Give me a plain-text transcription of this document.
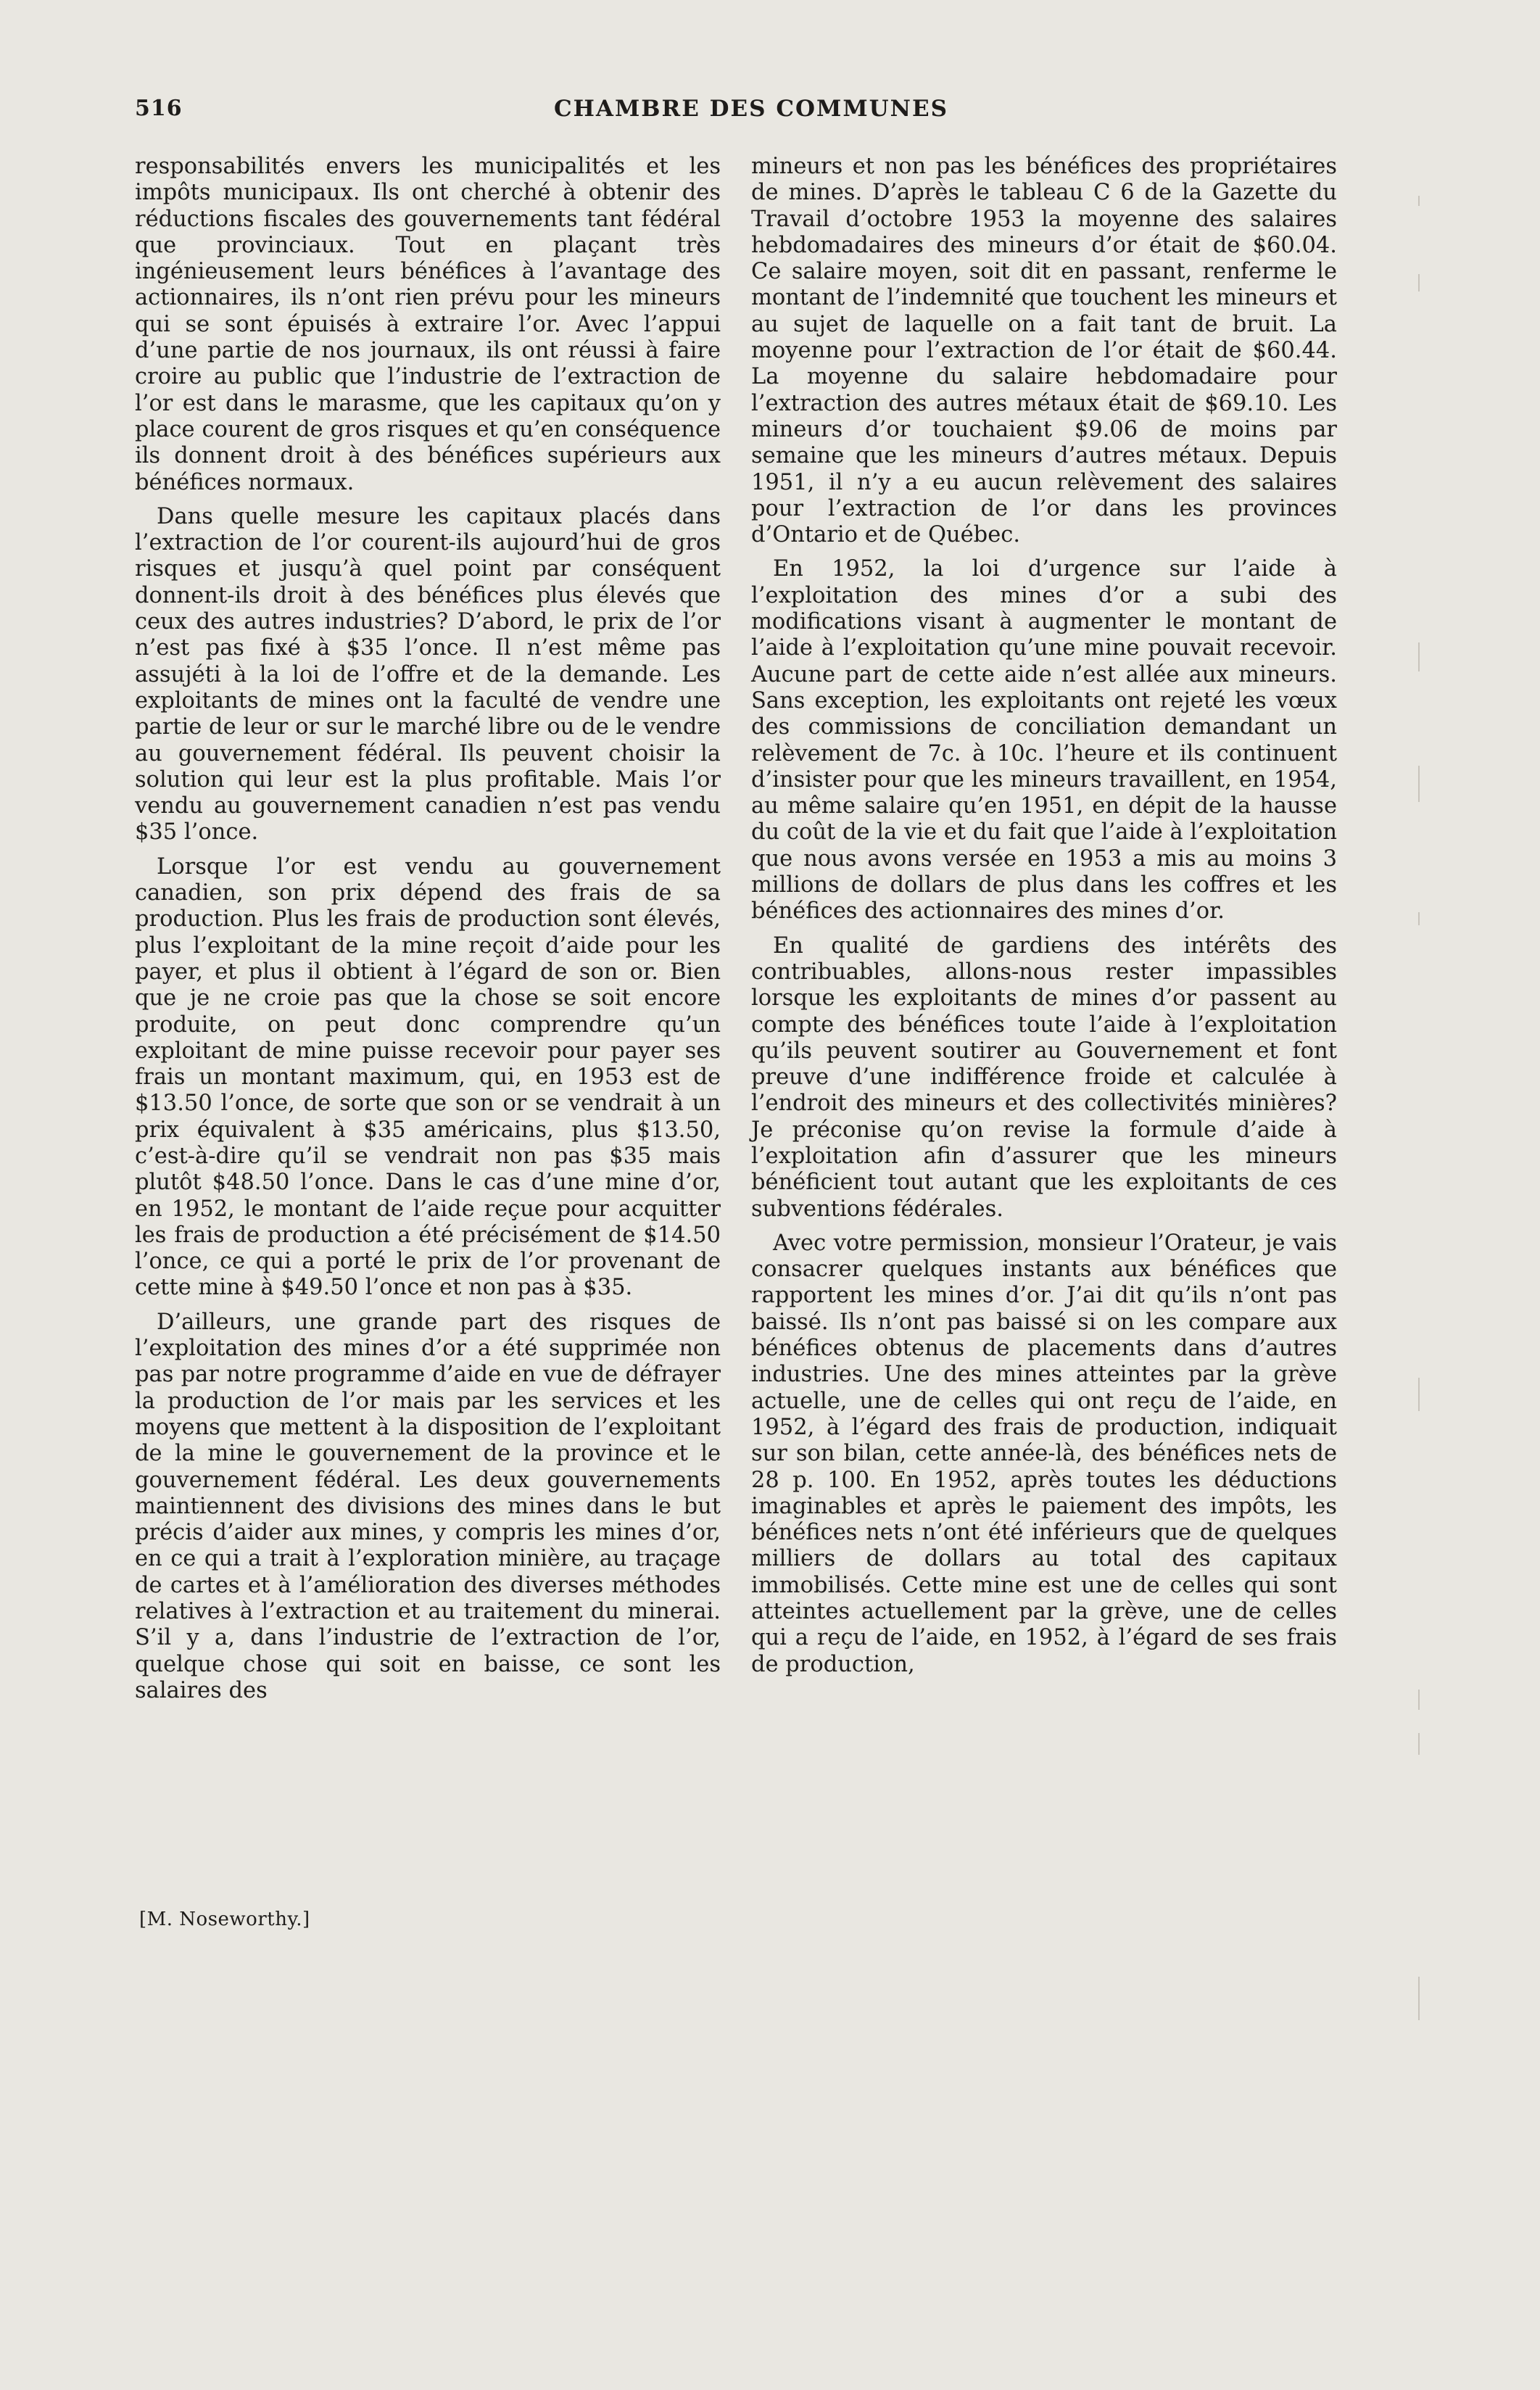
516	CHAMBRE DES COMMUNES

responsabilités envers les municipalités et les impôts municipaux. Ils ont cherché à obtenir des réductions fiscales des gouvernements tant fédéral que provinciaux. Tout en plaçant très ingénieusement leurs bénéfices à l’avantage des actionnaires, ils n’ont rien prévu pour les mineurs qui se sont épuisés à extraire l’or. Avec l’appui d’une partie de nos journaux, ils ont réussi à faire croire au public que l’industrie de l’extraction de l’or est dans le marasme, que les capitaux qu’on y place courent de gros risques et qu’en conséquence ils donnent droit à des bénéfices supérieurs aux bénéfices normaux.

Dans quelle mesure les capitaux placés dans l’extraction de l’or courent-ils aujourd’hui de gros risques et jusqu’à quel point par conséquent donnent-ils droit à des bénéfices plus élevés que ceux des autres industries? D’abord, le prix de l’or n’est pas fixé à $35 l’once. Il n’est même pas assujéti à la loi de l’offre et de la demande. Les exploitants de mines ont la faculté de vendre une partie de leur or sur le marché libre ou de le vendre au gouvernement fédéral. Ils peuvent choisir la solution qui leur est la plus profitable. Mais l’or vendu au gouvernement canadien n’est pas vendu $35 l’once.

Lorsque l’or est vendu au gouvernement canadien, son prix dépend des frais de sa production. Plus les frais de production sont élevés, plus l’exploitant de la mine reçoit d’aide pour les payer, et plus il obtient à l’égard de son or. Bien que je ne croie pas que la chose se soit encore produite, on peut donc comprendre qu’un exploitant de mine puisse recevoir pour payer ses frais un montant maximum, qui, en 1953 est de $13.50 l’once, de sorte que son or se vendrait à un prix équivalent à $35 américains, plus $13.50, c’est-à-dire qu’il se vendrait non pas $35 mais plutôt $48.50 l’once. Dans le cas d’une mine d’or, en 1952, le montant de l’aide reçue pour acquitter les frais de production a été précisément de $14.50 l’once, ce qui a porté le prix de l’or provenant de cette mine à $49.50 l’once et non pas à $35.

D’ailleurs, une grande part des risques de l’exploitation des mines d’or a été supprimée non pas par notre programme d’aide en vue de défrayer la production de l’or mais par les services et les moyens que mettent à la disposition de l’exploitant de la mine le gouvernement de la province et le gouvernement fédéral. Les deux gouvernements maintiennent des divisions des mines dans le but précis d’aider aux mines, y compris les mines d’or, en ce qui a trait à l’exploration minière, au traçage de cartes et à l’amélioration des diverses méthodes relatives à l’extraction et au traitement du minerai. S’il y a, dans l’industrie de l’extraction de l’or, quelque chose qui soit en baisse, ce sont les salaires des

[M. Noseworthy.]

mineurs et non pas les bénéfices des propriétaires de mines. D’après le tableau C 6 de la Gazette du Travail d’octobre 1953 la moyenne des salaires hebdomadaires des mineurs d’or était de $60.04. Ce salaire moyen, soit dit en passant, renferme le montant de l’indemnité que touchent les mineurs et au sujet de laquelle on a fait tant de bruit. La moyenne pour l’extraction de l’or était de $60.44. La moyenne du salaire hebdomadaire pour l’extraction des autres métaux était de $69.10. Les mineurs d’or touchaient $9.06 de moins par semaine que les mineurs d’autres métaux. Depuis 1951, il n’y a eu aucun relèvement des salaires pour l’extraction de l’or dans les provinces d’Ontario et de Québec.

En 1952, la loi d’urgence sur l’aide à l’exploitation des mines d’or a subi des modifications visant à augmenter le montant de l’aide à l’exploitation qu’une mine pouvait recevoir. Aucune part de cette aide n’est allée aux mineurs. Sans exception, les exploitants ont rejeté les vœux des commissions de conciliation demandant un relèvement de 7c. à 10c. l’heure et ils continuent d’insister pour que les mineurs travaillent, en 1954, au même salaire qu’en 1951, en dépit de la hausse du coût de la vie et du fait que l’aide à l’exploitation que nous avons versée en 1953 a mis au moins 3 millions de dollars de plus dans les coffres et les bénéfices des actionnaires des mines d’or.

En qualité de gardiens des intérêts des contribuables, allons-nous rester impassibles lorsque les exploitants de mines d’or passent au compte des bénéfices toute l’aide à l’exploitation qu’ils peuvent soutirer au Gouvernement et font preuve d’une indifférence froide et calculée à l’endroit des mineurs et des collectivités minières? Je préconise qu’on revise la formule d’aide à l’exploitation afin d’assurer que les mineurs bénéficient tout autant que les exploitants de ces subventions fédérales.

Avec votre permission, monsieur l’Orateur, je vais consacrer quelques instants aux bénéfices que rapportent les mines d’or. J’ai dit qu’ils n’ont pas baissé. Ils n’ont pas baissé si on les compare aux bénéfices obtenus de placements dans d’autres industries. Une des mines atteintes par la grève actuelle, une de celles qui ont reçu de l’aide, en 1952, à l’égard des frais de production, indiquait sur son bilan, cette année-là, des bénéfices nets de 28 p. 100. En 1952, après toutes les déductions imaginables et après le paiement des impôts, les bénéfices nets n’ont été inférieurs que de quelques milliers de dollars au total des capitaux immobilisés. Cette mine est une de celles qui sont atteintes actuellement par la grève, une de celles qui a reçu de l’aide, en 1952, à l’égard de ses frais de production,
